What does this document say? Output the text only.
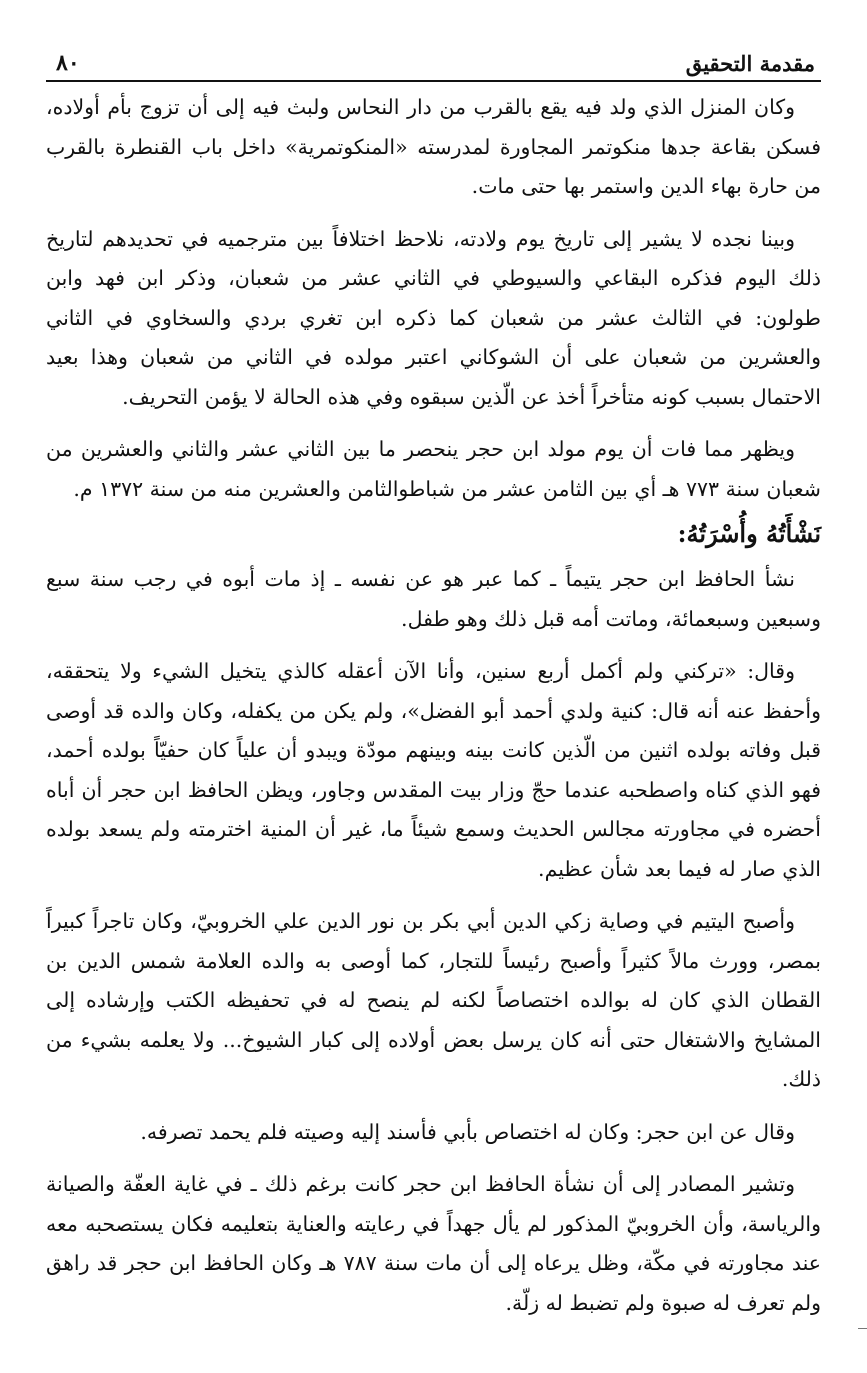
مقدمة التحقيق
٨٠

وكان المنزل الذي ولد فيه يقع بالقرب من دار النحاس ولبث فيه إلى أن تزوج بأم أولاده، فسكن بقاعة جدها منكوتمر المجاورة لمدرسته «المنكوتمرية» داخل باب القنطرة بالقرب من حارة بهاء الدين واستمر بها حتى مات.

وبينا نجده لا يشير إلى تاريخ يوم ولادته، نلاحظ اختلافاً بين مترجميه في تحديدهم لتاريخ ذلك اليوم فذكره البقاعي والسيوطي في الثاني عشر من شعبان، وذكر ابن فهد وابن طولون: في الثالث عشر من شعبان كما ذكره ابن تغري بردي والسخاوي في الثاني والعشرين من شعبان على أن الشوكاني اعتبر مولده في الثاني من شعبان وهذا بعيد الاحتمال بسبب كونه متأخراً أخذ عن الّذين سبقوه وفي هذه الحالة لا يؤمن التحريف.

ويظهر مما فات أن يوم مولد ابن حجر ينحصر ما بين الثاني عشر والثاني والعشرين من شعبان سنة ٧٧٣ هـ أي بين الثامن عشر من شباطوالثامن والعشرين منه من سنة ١٣٧٢ م.

نَشْأَتُهُ وأُسْرَتُهُ:

نشأ الحافظ ابن حجر يتيماً ـ كما عبر هو عن نفسه ـ إذ مات أبوه في رجب سنة سبع وسبعين وسبعمائة، وماتت أمه قبل ذلك وهو طفل.

وقال: «تركني ولم أكمل أربع سنين، وأنا الآن أعقله كالذي يتخيل الشيء ولا يتحققه، وأحفظ عنه أنه قال: كنية ولدي أحمد أبو الفضل»، ولم يكن من يكفله، وكان والده قد أوصى قبل وفاته بولده اثنين من الّذين كانت بينه وبينهم مودّة ويبدو أن علياً كان حفيّاً بولده أحمد، فهو الذي كناه واصطحبه عندما حجّ وزار بيت المقدس وجاور، ويظن الحافظ ابن حجر أن أباه أحضره في مجاورته مجالس الحديث وسمع شيئاً ما، غير أن المنية اخترمته ولم يسعد بولده الذي صار له فيما بعد شأن عظيم.

وأصبح اليتيم في وصاية زكي الدين أبي بكر بن نور الدين علي الخروبيّ، وكان تاجراً كبيراً بمصر، وورث مالاً كثيراً وأصبح رئيساً للتجار، كما أوصى به والده العلامة شمس الدين بن القطان الذي كان له بوالده اختصاصاً لكنه لم ينصح له في تحفيظه الكتب وإرشاده إلى المشايخ والاشتغال حتى أنه كان يرسل بعض أولاده إلى كبار الشيوخ... ولا يعلمه بشيء من ذلك.

وقال عن ابن حجر: وكان له اختصاص بأبي فأسند إليه وصيته فلم يحمد تصرفه.

وتشير المصادر إلى أن نشأة الحافظ ابن حجر كانت برغم ذلك ـ في غاية العفّة والصيانة والرياسة، وأن الخروبيّ المذكور لم يأل جهداً في رعايته والعناية بتعليمه فكان يستصحبه معه عند مجاورته في مكّة، وظل يرعاه إلى أن مات سنة ٧٨٧ هـ وكان الحافظ ابن حجر قد راهق ولم تعرف له صبوة ولم تضبط له زلّة.
